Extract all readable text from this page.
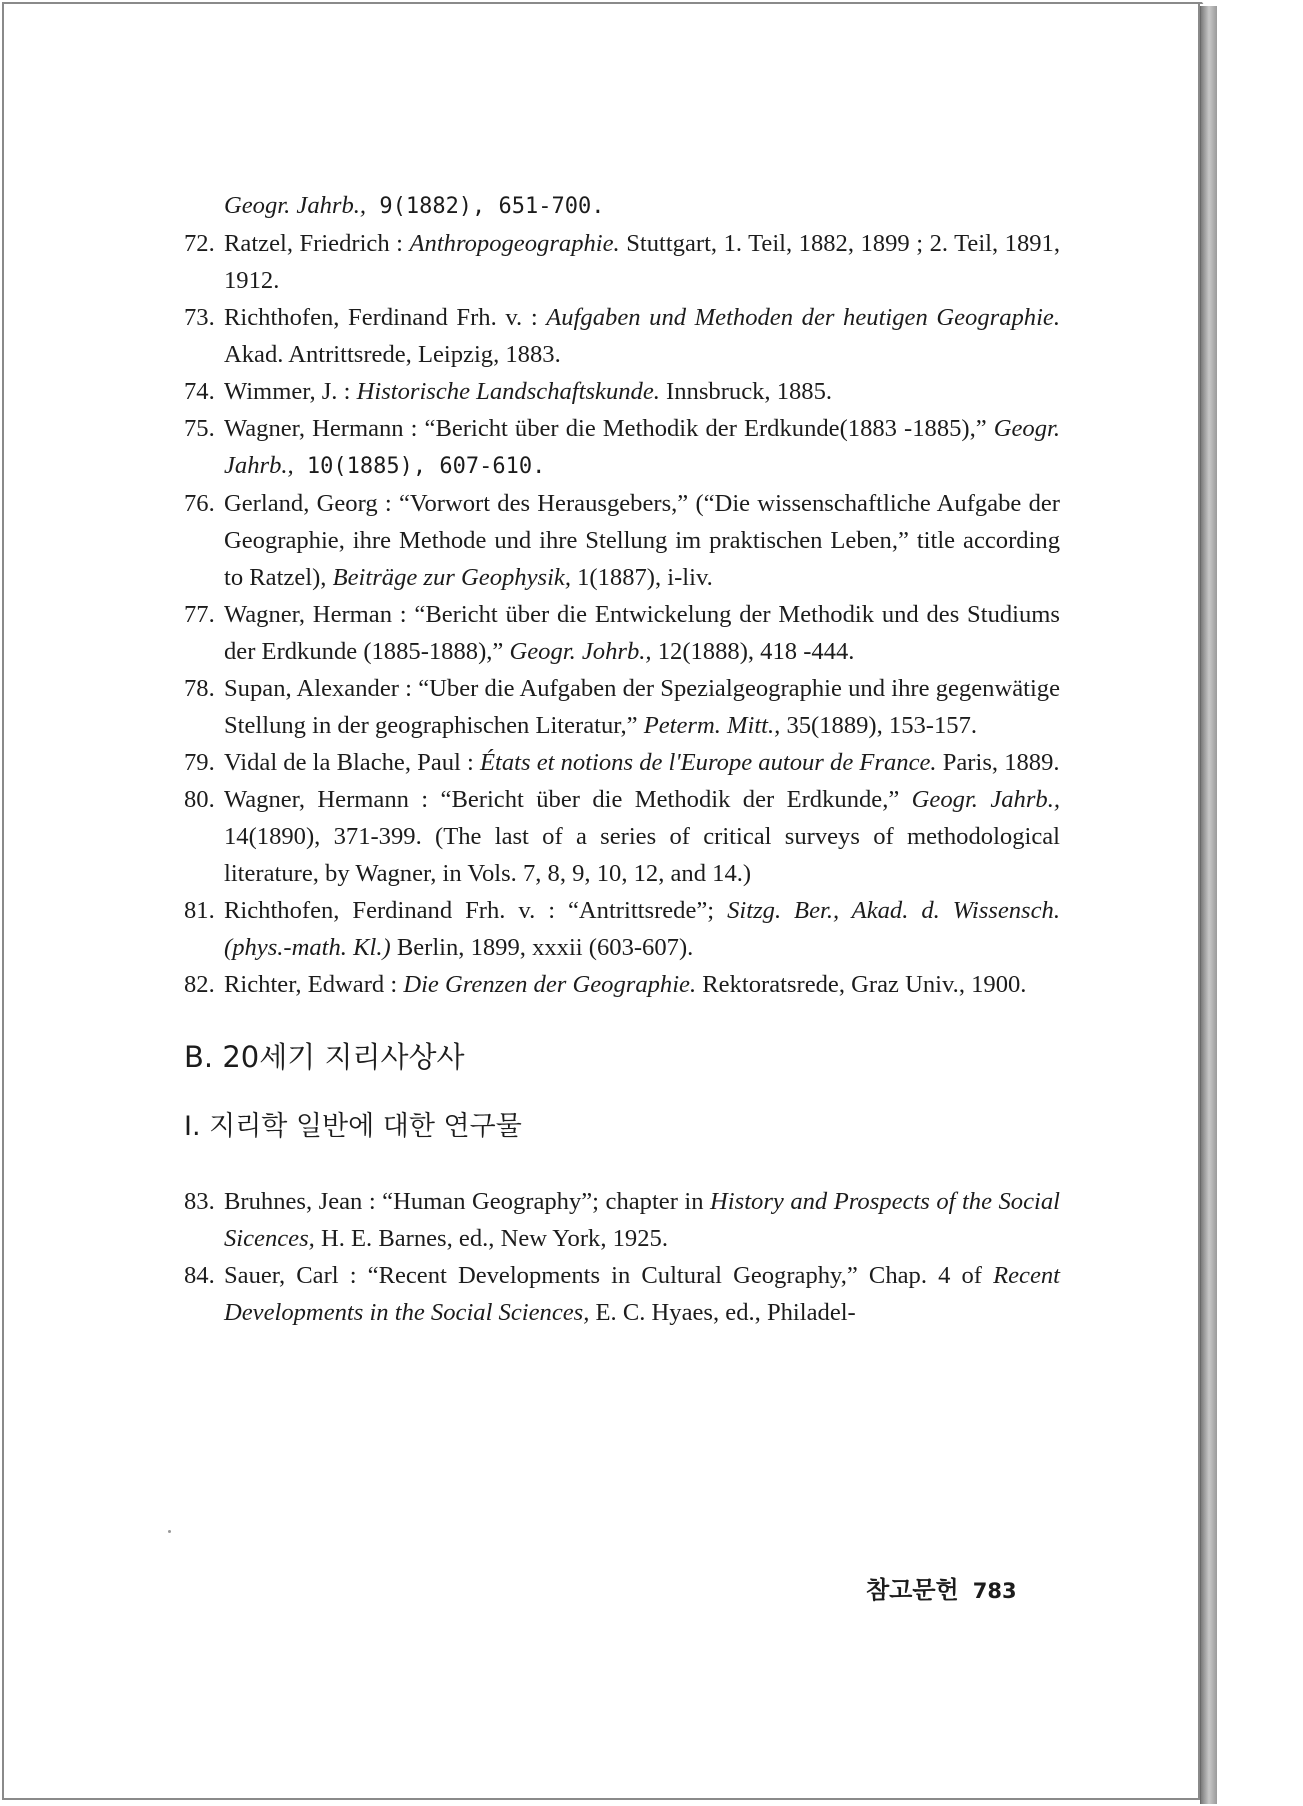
Geogr. Jahrb., 9(1882), 651-700.
72. Ratzel, Friedrich : Anthropogeographie. Stuttgart, 1. Teil, 1882, 1899 ; 2. Teil, 1891, 1912.
73. Richthofen, Ferdinand Frh. v. : Aufgaben und Methoden der heutigen Geographie. Akad. Antrittsrede, Leipzig, 1883.
74. Wimmer, J. : Historische Landschaftskunde. Innsbruck, 1885.
75. Wagner, Hermann : “Bericht über die Methodik der Erdkunde(1883 -1885),” Geogr. Jahrb., 10(1885), 607-610.
76. Gerland, Georg : “Vorwort des Herausgebers,” (“Die wissenschaftliche Aufgabe der Geographie, ihre Methode und ihre Stellung im praktischen Leben,” title according to Ratzel), Beiträge zur Geophysik, 1(1887), i-liv.
77. Wagner, Herman : “Bericht über die Entwickelung der Methodik und des Studiums der Erdkunde (1885-1888),” Geogr. Johrb., 12(1888), 418 -444.
78. Supan, Alexander : “Uber die Aufgaben der Spezialgeographie und ihre gegenwätige Stellung in der geographischen Literatur,” Peterm. Mitt., 35(1889), 153-157.
79. Vidal de la Blache, Paul : États et notions de l'Europe autour de France. Paris, 1889.
80. Wagner, Hermann : “Bericht über die Methodik der Erdkunde,” Geogr. Jahrb., 14(1890), 371-399. (The last of a series of critical surveys of methodological literature, by Wagner, in Vols. 7, 8, 9, 10, 12, and 14.)
81. Richthofen, Ferdinand Frh. v. : “Antrittsrede”; Sitzg. Ber., Akad. d. Wissensch. (phys.-math. Kl.) Berlin, 1899, xxxii (603-607).
82. Richter, Edward : Die Grenzen der Geographie. Rektoratsrede, Graz Univ., 1900.
B. 20세기 지리사상사
Ⅰ. 지리학 일반에 대한 연구물
83. Bruhnes, Jean : “Human Geography”; chapter in History and Prospects of the Social Sicences, H. E. Barnes, ed., New York, 1925.
84. Sauer, Carl : “Recent Developments in Cultural Geography,” Chap. 4 of Recent Developments in the Social Sciences, E. C. Hyaes, ed., Philadel-
참고문헌 783
